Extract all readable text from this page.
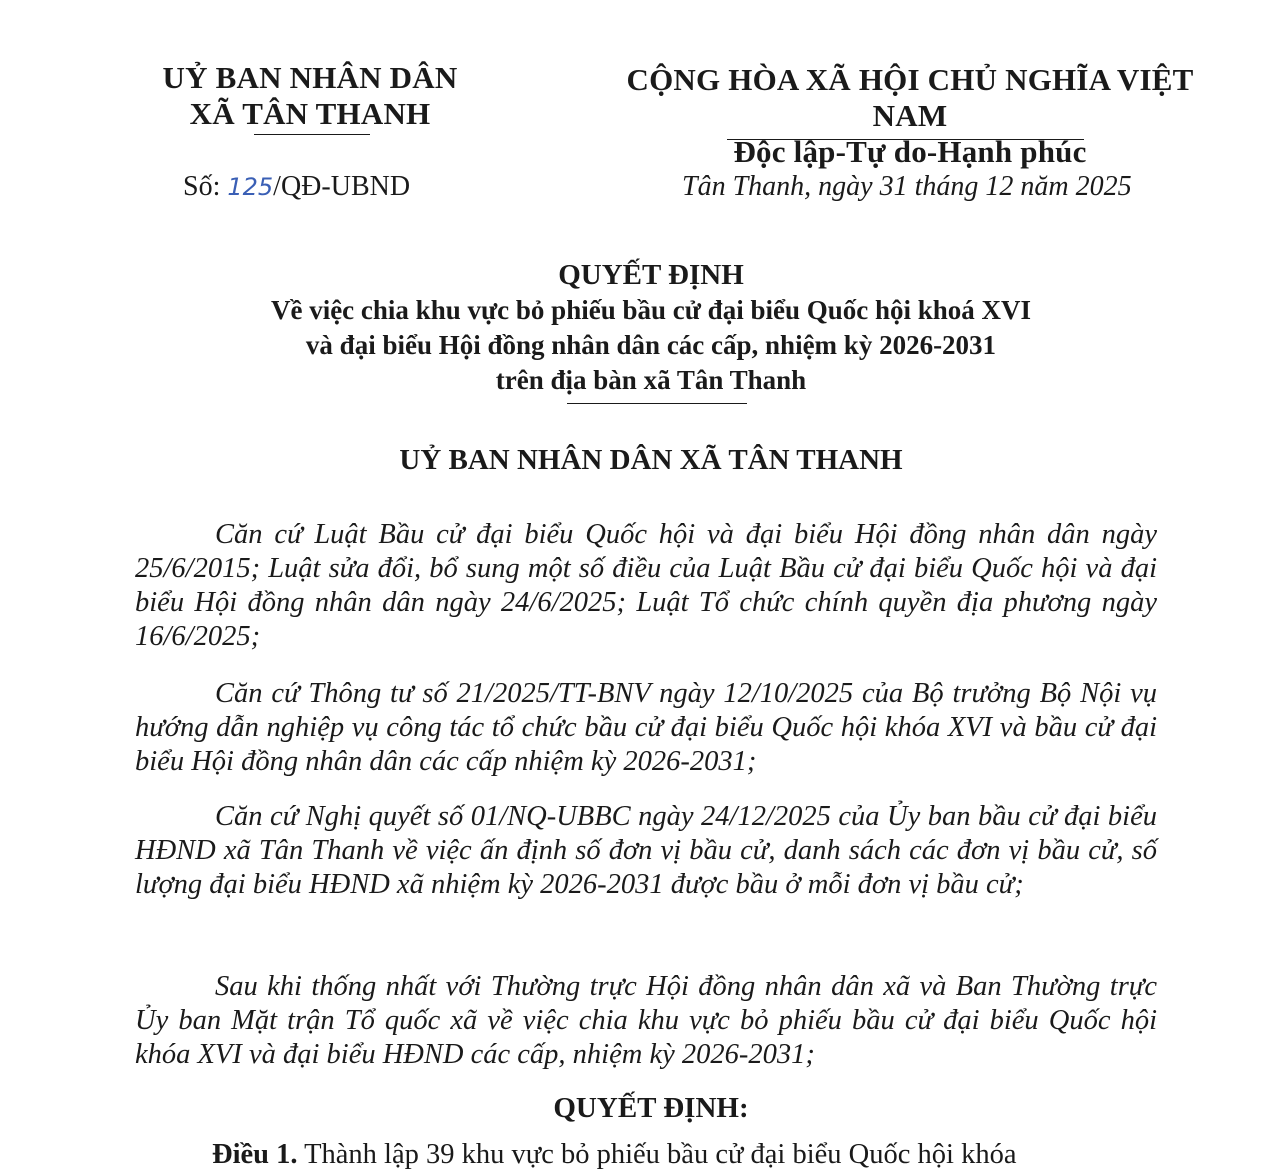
UỶ BAN NHÂN DÂN
XÃ TÂN THANH
CỘNG HÒA XÃ HỘI CHỦ NGHĨA VIỆT NAM
Độc lập-Tự do-Hạnh phúc
Số: 125/QĐ-UBND	Tân Thanh, ngày 31 tháng 12 năm 2025
QUYẾT ĐỊNH
Về việc chia khu vực bỏ phiếu bầu cử đại biểu Quốc hội khoá XVI
và đại biểu Hội đồng nhân dân các cấp, nhiệm kỳ 2026-2031
trên địa bàn xã Tân Thanh
UỶ BAN NHÂN DÂN XÃ TÂN THANH

Căn cứ Luật Bầu cử đại biểu Quốc hội và đại biểu Hội đồng nhân dân ngày 25/6/2015; Luật sửa đổi, bổ sung một số điều của Luật Bầu cử đại biểu Quốc hội và đại biểu Hội đồng nhân dân ngày 24/6/2025; Luật Tổ chức chính quyền địa phương ngày 16/6/2025;

Căn cứ Thông tư số 21/2025/TT-BNV ngày 12/10/2025 của Bộ trưởng Bộ Nội vụ hướng dẫn nghiệp vụ công tác tổ chức bầu cử đại biểu Quốc hội khóa XVI và bầu cử đại biểu Hội đồng nhân dân các cấp nhiệm kỳ 2026-2031;

Căn cứ Nghị quyết số 01/NQ-UBBC ngày 24/12/2025 của Ủy ban bầu cử đại biểu HĐND xã Tân Thanh về việc ấn định số đơn vị bầu cử, danh sách các đơn vị bầu cử, số lượng đại biểu HĐND xã nhiệm kỳ 2026-2031 được bầu ở mỗi đơn vị bầu cử;

Sau khi thống nhất với Thường trực Hội đồng nhân dân xã và Ban Thường trực Ủy ban Mặt trận Tổ quốc xã về việc chia khu vực bỏ phiếu bầu cử đại biểu Quốc hội khóa XVI và đại biểu HĐND các cấp, nhiệm kỳ 2026-2031;

QUYẾT ĐỊNH:
Điều 1. Thành lập 39 khu vực bỏ phiếu bầu cử đại biểu Quốc hội khóa
